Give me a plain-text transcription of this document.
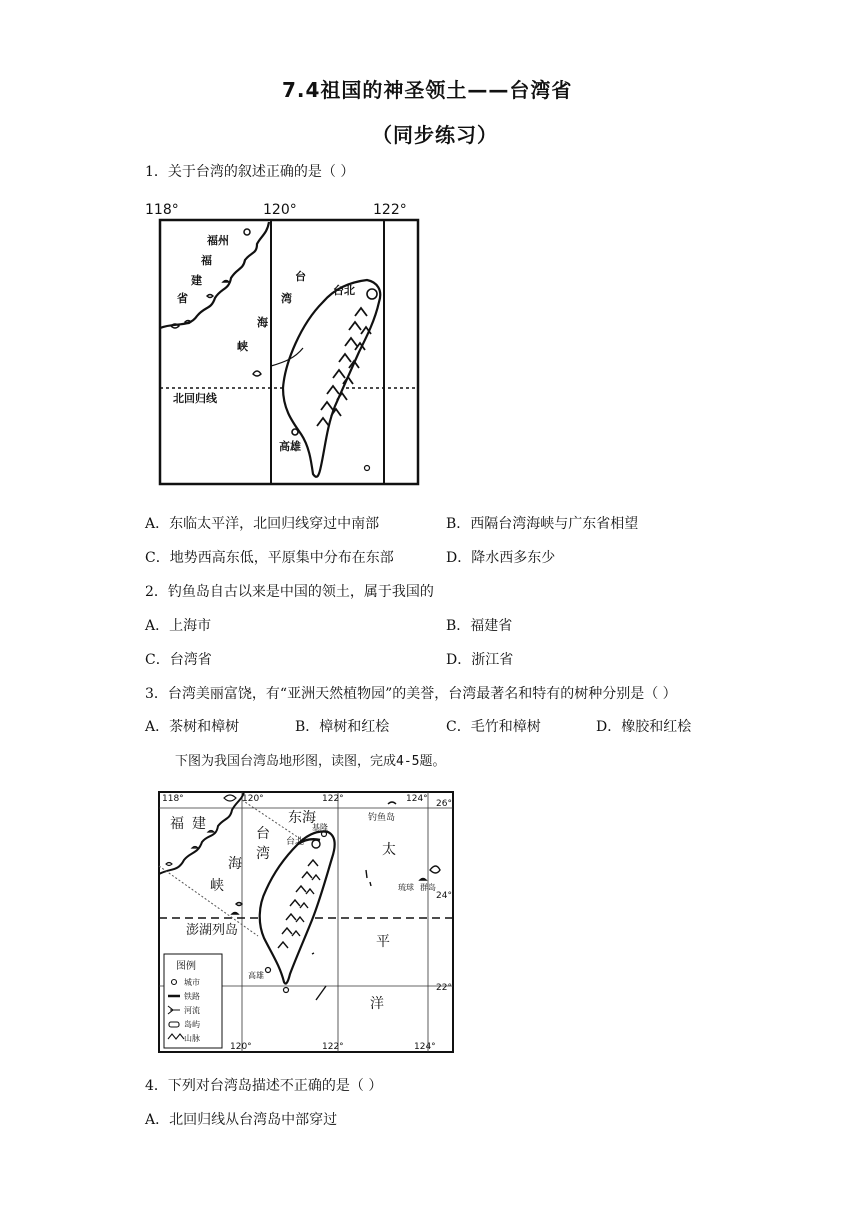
7.4祖国的神圣领土——台湾省
（同步练习）
1．关于台湾的叙述正确的是（ ）
118°	120°	122°
福州
福
建
省
台
湾
海
峡
台北
北回归线
高雄
A．东临太平洋，北回归线穿过中南部	B．西隔台湾海峡与广东省相望
C．地势西高东低，平原集中分布在东部	D．降水西多东少
2．钓鱼岛自古以来是中国的领土，属于我国的
A．上海市	B．福建省
C．台湾省	D．浙江省
3．台湾美丽富饶，有“亚洲天然植物园”的美誉，台湾最著名和特有的树种分别是（ ）
A．茶树和樟树	B．樟树和红桧	C．毛竹和樟树	D．橡胶和红桧
下图为我国台湾岛地形图，读图，完成4-5题。
图例
城市
铁路
河流
岛屿
山脉
118°	120°	122°	124°
120°	122°	124°
26°
24°
22°
福 建	东海
基隆
钓鱼岛
台北
台
湾
海
峡
太
琉球 群岛
澎湖列岛
平
高雄
洋
4．下列对台湾岛描述不正确的是（ ）
A．北回归线从台湾岛中部穿过
